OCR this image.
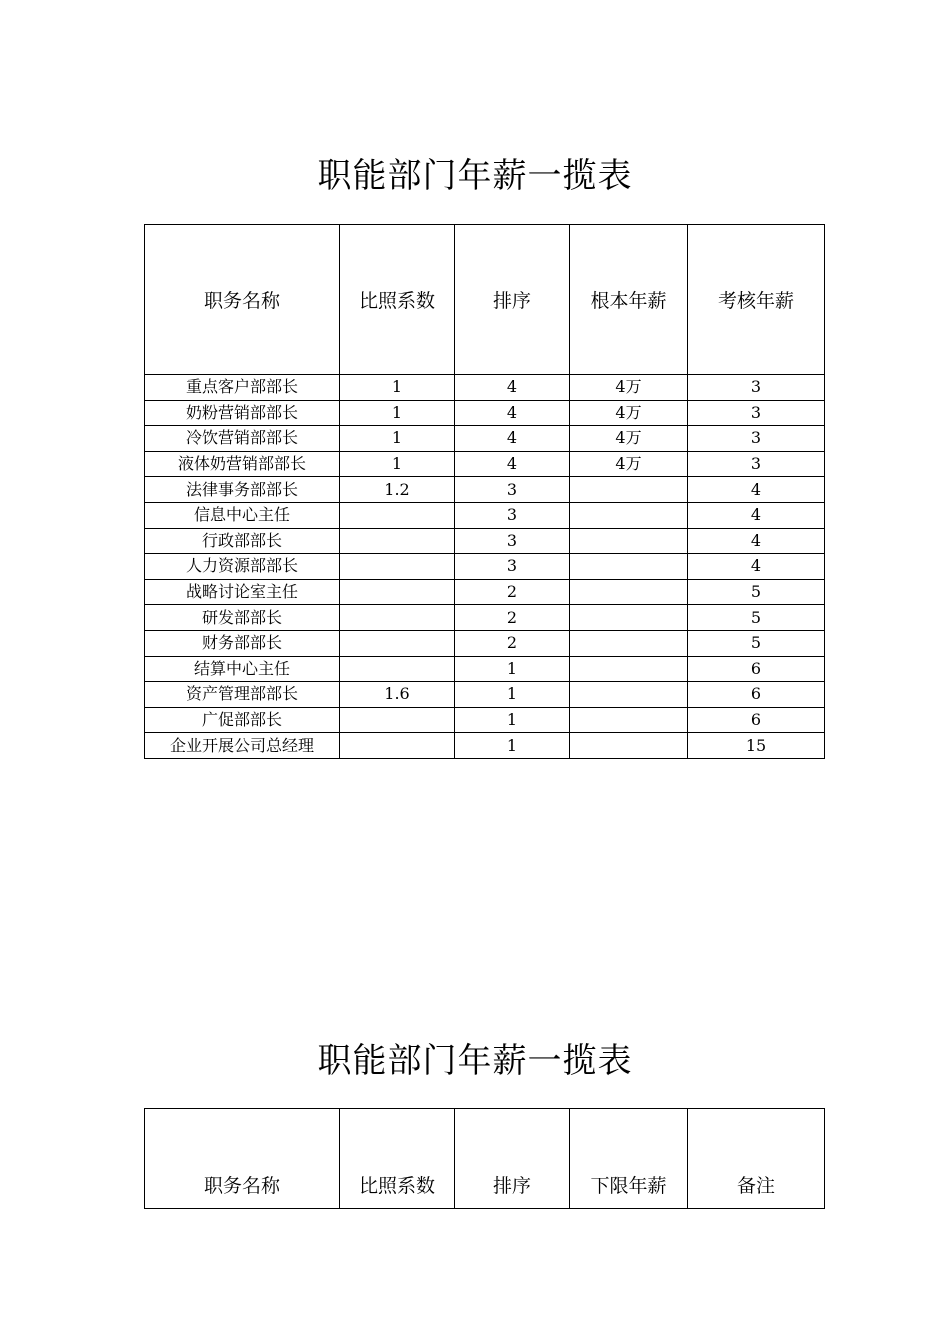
职能部门年薪一揽表
职务名称	比照系数	排序	根本年薪	考核年薪
重点客户部部长	1	4	4万	3
奶粉营销部部长	1	4	4万	3
冷饮营销部部长	1	4	4万	3
液体奶营销部部长	1	4	4万	3
法律事务部部长	1.2	3		4
信息中心主任		3		4
行政部部长		3		4
人力资源部部长		3		4
战略讨论室主任		2		5
研发部部长		2		5
财务部部长		2		5
结算中心主任		1		6
资产管理部部长	1.6	1		6
广促部部长		1		6
企业开展公司总经理		1		15
职能部门年薪一揽表
职务名称	比照系数	排序	下限年薪	备注
